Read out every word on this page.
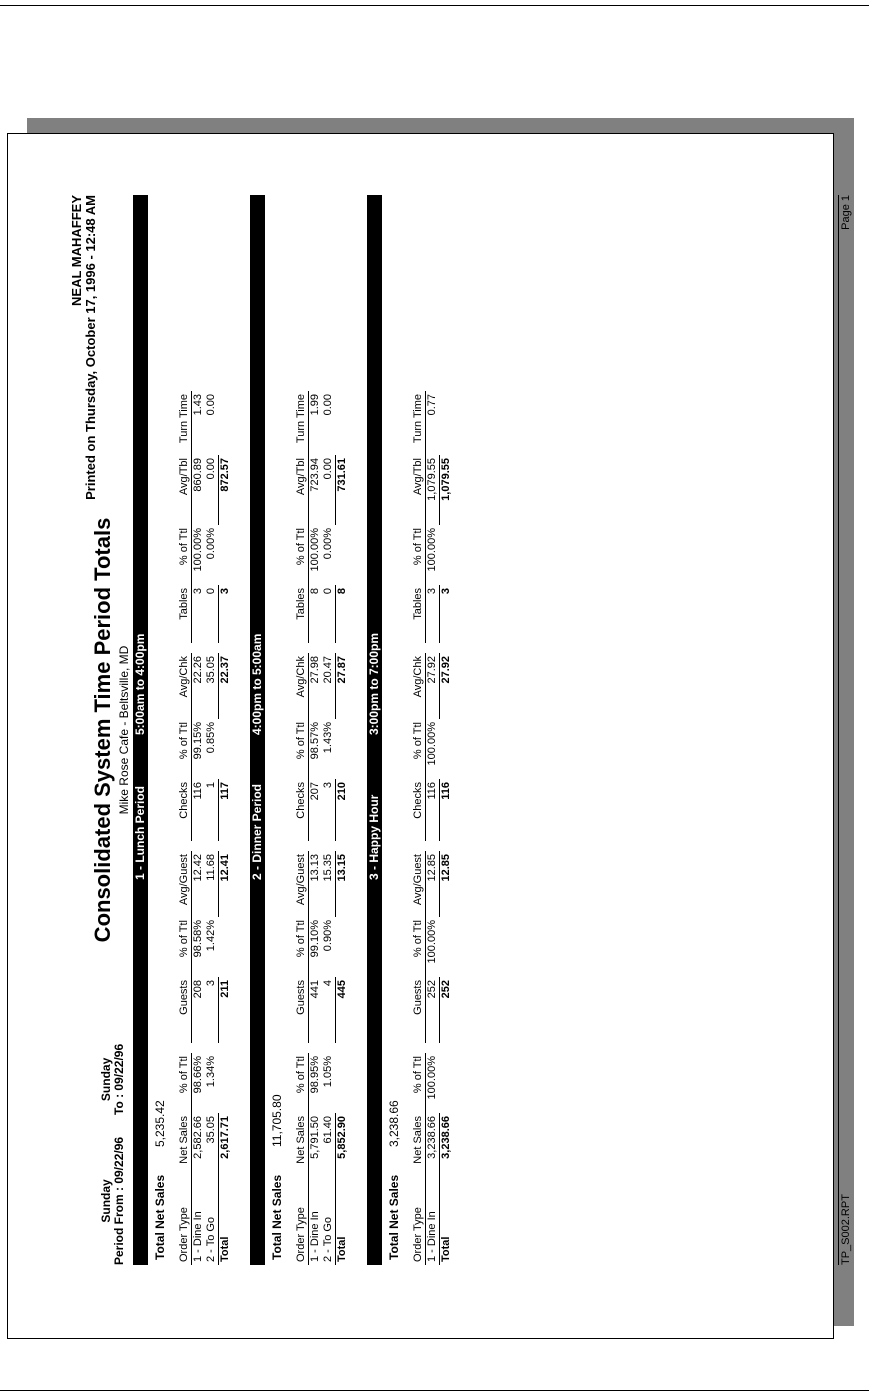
NEAL MAHAFFEY Printed on Thursday, October 17, 1996 - 12:48 AM
Sunday Period From : 09/22/96
Sunday To : 09/22/96
Consolidated System Time Period Totals Mike Rose Cafe - Beltsville, MD
1 - Lunch Period
5:00am to 4:00pm
Total Net Sales
5,235.42
Order Type	Net Sales	% of Ttl		Guests	% of Ttl	Avg/Guest		Checks	% of Ttl	Avg/Chk		Tables	% of Ttl	Avg/Tbl	Turn Time
1 - Dine In	2,582.66	98.66%		208	98.58%	12.42		116	99.15%	22.26		3	100.00%	860.89	1.43
2 - To Go	35.05	1.34%		3	1.42%	11.68		1	0.85%	35.05		0	0.00%	0.00	0.00
Total	2,617.71			211		12.41		117		22.37		3		872.57	
2 - Dinner Period
4:00pm to 5:00am
Total Net Sales
11,705.80
Order Type	Net Sales	% of Ttl		Guests	% of Ttl	Avg/Guest		Checks	% of Ttl	Avg/Chk		Tables	% of Ttl	Avg/Tbl	Turn Time
1 - Dine In	5,791.50	98.95%		441	99.10%	13.13		207	98.57%	27.98		8	100.00%	723.94	1.99
2 - To Go	61.40	1.05%		4	0.90%	15.35		3	1.43%	20.47		0	0.00%	0.00	0.00
Total	5,852.90			445		13.15		210		27.87		8		731.61	
3 - Happy Hour
3:00pm to 7:00pm
Total Net Sales
3,238.66
Order Type	Net Sales	% of Ttl		Guests	% of Ttl	Avg/Guest		Checks	% of Ttl	Avg/Chk		Tables	% of Ttl	Avg/Tbl	Turn Time
1 - Dine In	3,238.66	100.00%		252	100.00%	12.85		116	100.00%	27.92		3	100.00%	1,079.55	0.77
Total	3,238.66			252		12.85		116		27.92		3		1,079.55	
TP_S002.RPT
Page 1
